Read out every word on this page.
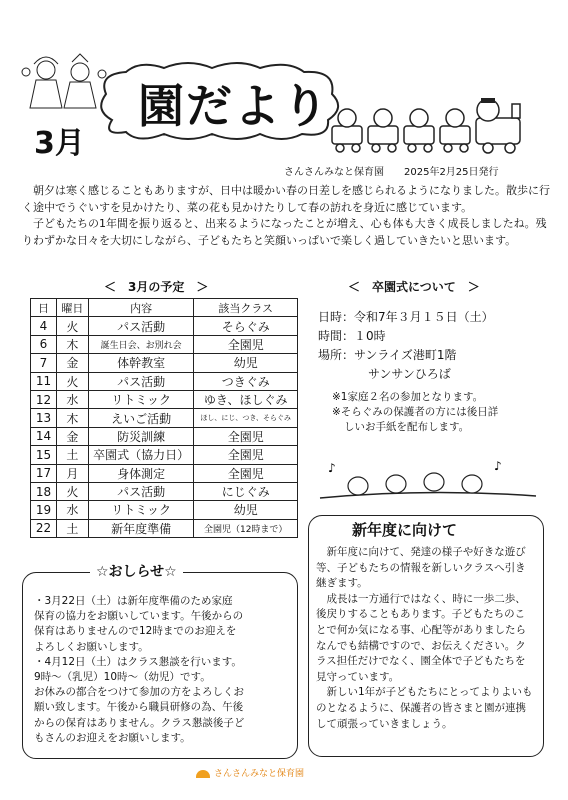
園だより
3月
さんさんみなと保育園　　2025年2月25日発行

朝夕は寒く感じることもありますが、日中は暖かい春の日差しを感じられるようになりました。散歩に行く途中でうぐいすを見かけたり、菜の花も見かけたりして春の訪れを身近に感じています。

子どもたちの1年間を振り返ると、出来るようになったことが増え、心も体も大きく成長しましたね。残りわずかな日々を大切にしながら、子どもたちと笑顔いっぱいで楽しく過していきたいと思います。

＜　3月の予定　＞
日	曜日	内容	該当クラス
4	火	パス活動	そらぐみ
6	木	誕生日会、お別れ会	全園児
7	金	体幹教室	幼児
11	火	パス活動	つきぐみ
12	水	リトミック	ゆき、ほしぐみ
13	木	えいご活動	ほし、にじ、つき、そらぐみ
14	金	防災訓練	全園児
15	土	卒園式（協力日）	全園児
17	月	身体測定	全園児
18	火	パス活動	にじぐみ
19	水	リトミック	幼児
22	土	新年度準備	全園児（12時まで）
＜　卒園式について　＞
日時：令和7年３月１５日（土）
時間：１0時
場所：サンライズ港町1階
サンサンひろば
※1家庭２名の参加となります。
※そらぐみの保護者の方には後日詳
しいお手紙を配布します。
♪	♪
☆おしらせ☆
・3月22日（土）は新年度準備のため家庭
保育の協力をお願いしています。午後からの
保育はありませんので12時までのお迎えを
よろしくお願いします。
・4月12日（土）はクラス懇談を行います。
9時～（乳児）10時～（幼児）です。
お休みの都合をつけて参加の方をよろしくお
願い致します。午後から職員研修の為、午後
からの保育はありません。クラス懇談後子ど
もさんのお迎えをお願いします。
新年度に向けて

新年度に向けて、発達の様子や好きな遊び等、子どもたちの情報を新しいクラスへ引き継ぎます。

成長は一方通行ではなく、時に一歩二歩、後戻りすることもあります。子どもたちのことで何か気になる事、心配等がありましたらなんでも結構ですので、お伝えください。クラス担任だけでなく、園全体で子どもたちを見守っています。

新しい1年が子どもたちにとってよりよいものとなるように、保護者の皆さまと園が連携して頑張っていきましょう。

さんさんみなと保育園
